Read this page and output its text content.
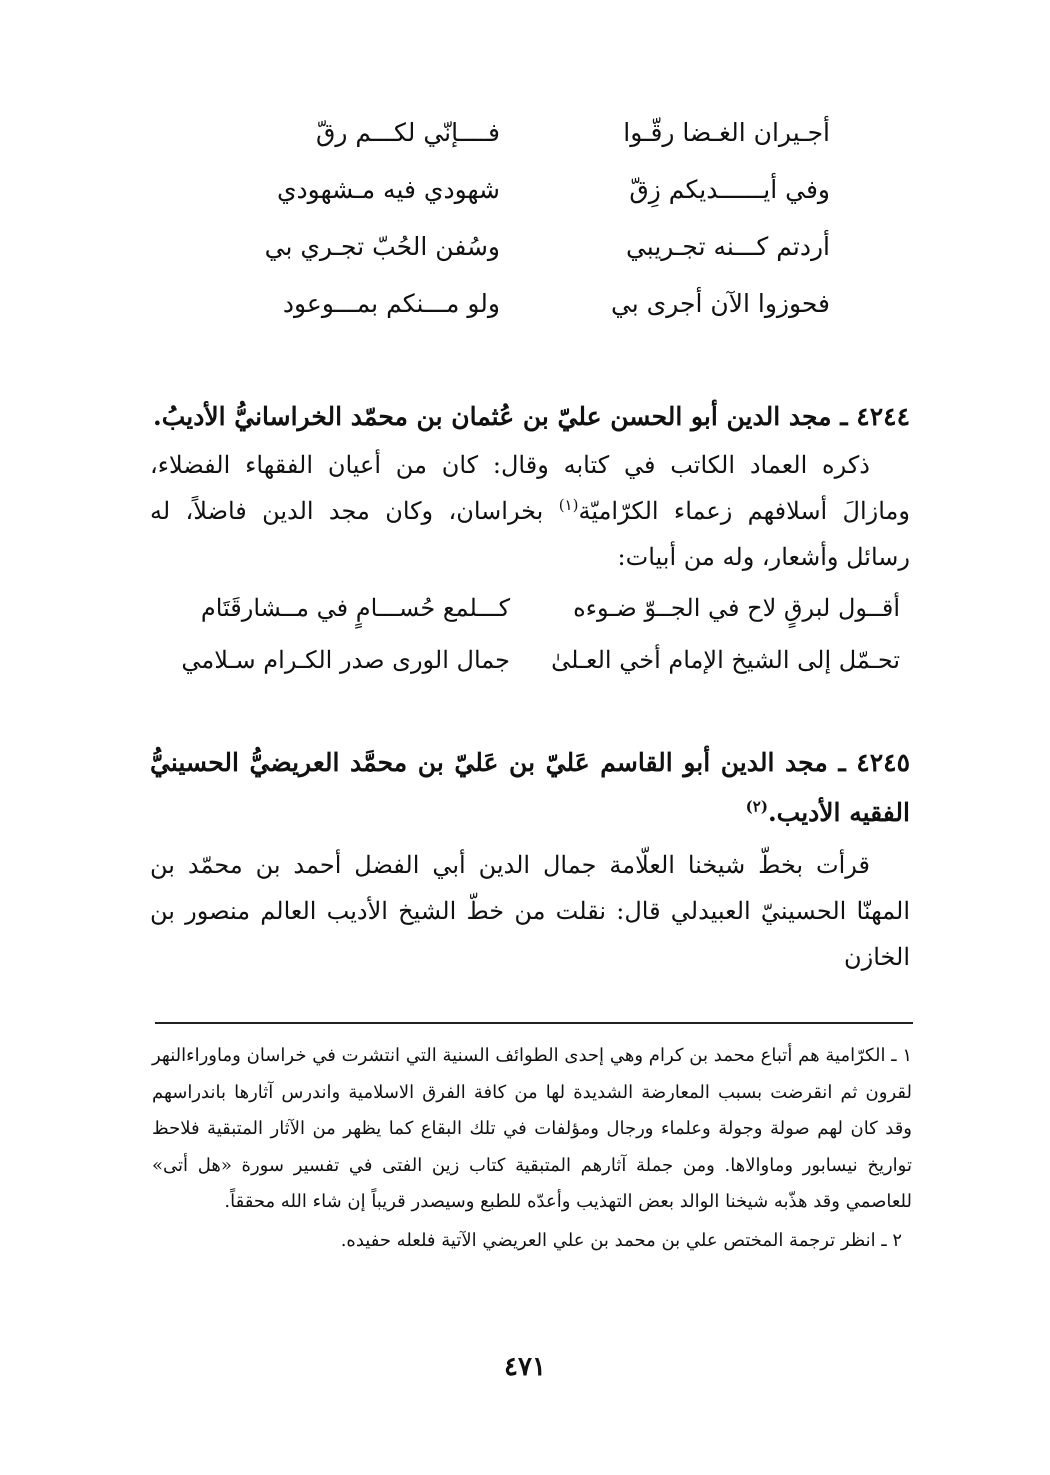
أجـيران الغـضا رقّـوا
فــــإنّي لكـــم رقّ
وفي أيــــــديكم زِقّ
شهودي فيه مـشهودي
أردتم كـــنه تجـريبي
وسُفن الحُبّ تجـري بي
فحوزوا الآن أجرى بي
ولو مـــنكم بمـــوعود
٤٢٤٤ ـ مجد الدين أبو الحسن عليّ بن عُثمان بن محمّد الخراسانيُّ الأديبُ.

ذكره العماد الكاتب في كتابه وقال: كان من أعيان الفقهاء الفضلاء، ومازالَ أسلافهم زعماء الكرّاميّة$^{(١)}$ بخراسان، وكان مجد الدين فاضلاً، له رسائل وأشعار، وله من أبيات:

أقــول لبرقٍ لاح في الجــوّ ضـوءه
كـــلمع حُســـامٍ في مــشارقَتَام
تحـمّل إلى الشيخ الإمام أخي العـلىٰ
جمال الورى صدر الكـرام سـلامي
٤٢٤٥ ـ مجد الدين أبو القاسم عَليّ بن عَليّ بن محمَّد العريضيُّ الحسينيُّ الفقيه الأديب.$^{(٢)}$

قرأت بخطّ شيخنا العلّامة جمال الدين أبي الفضل أحمد بن محمّد بن المهنّا الحسينيّ العبيدلي قال: نقلت من خطّ الشيخ الأديب العالم منصور بن الخازن

١ ـ الكرّامية هم أتباع محمد بن كرام وهي إحدى الطوائف السنية التي انتشرت في خراسان وماوراءالنهر لقرون ثم انقرضت بسبب المعارضة الشديدة لها من كافة الفرق الاسلامية واندرس آثارها باندراسهم وقد كان لهم صولة وجولة وعلماء ورجال ومؤلفات في تلك البقاع كما يظهر من الآثار المتبقية فلاحظ تواريخ نيسابور وماوالاها. ومن جملة آثارهم المتبقية كتاب زين الفتى في تفسير سورة «هل أتى» للعاصمي وقد هذّبه شيخنا الوالد بعض التهذيب وأعدّه للطبع وسيصدر قريباً إن شاء الله محققاً.

٢ ـ انظر ترجمة المختص علي بن محمد بن علي العريضي الآتية فلعله حفيده.

٤٧١
